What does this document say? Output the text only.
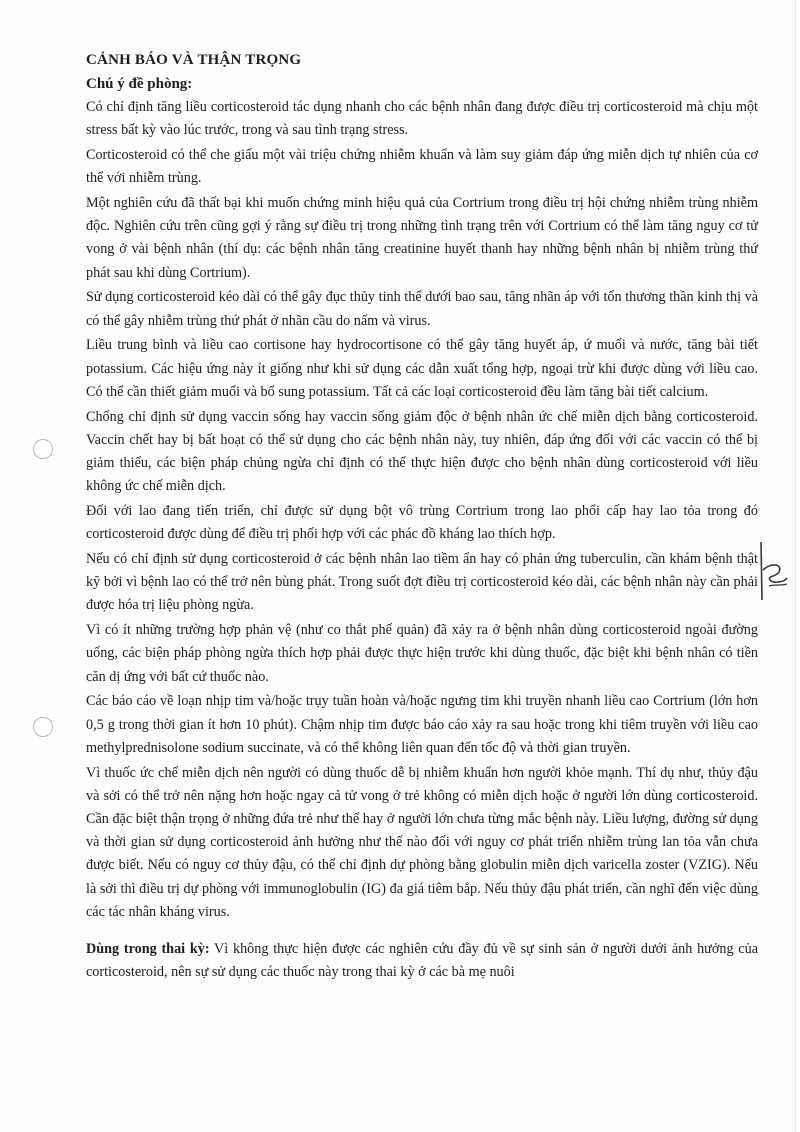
CẢNH BÁO VÀ THẬN TRỌNG

Chú ý đề phòng:

Có chỉ định tăng liều corticosteroid tác dụng nhanh cho các bệnh nhân đang được điều trị corticosteroid mà chịu một stress bất kỳ vào lúc trước, trong và sau tình trạng stress.

Corticosteroid có thể che giấu một vài triệu chứng nhiễm khuẩn và làm suy giảm đáp ứng miễn dịch tự nhiên của cơ thể với nhiễm trùng.

Một nghiên cứu đã thất bại khi muốn chứng minh hiệu quả của Cortrium trong điều trị hội chứng nhiễm trùng nhiễm độc. Nghiên cứu trên cũng gợi ý rằng sự điều trị trong những tình trạng trên với Cortrium có thể làm tăng nguy cơ tử vong ở vài bệnh nhân (thí dụ: các bệnh nhân tăng creatinine huyết thanh hay những bệnh nhân bị nhiễm trùng thứ phát sau khi dùng Cortrium).

Sử dụng corticosteroid kéo dài có thể gây đục thủy tinh thể dưới bao sau, tăng nhãn áp với tổn thương thần kinh thị và có thể gây nhiễm trùng thứ phát ở nhãn cầu do nấm và virus.

Liều trung bình và liều cao cortisone hay hydrocortisone có thể gây tăng huyết áp, ứ muối và nước, tăng bài tiết potassium. Các hiệu ứng này ít giống như khi sử dụng các dẫn xuất tổng hợp, ngoại trừ khi được dùng với liều cao. Có thể cần thiết giảm muối và bổ sung potassium. Tất cả các loại corticosteroid đều làm tăng bài tiết calcium.

Chống chỉ định sử dụng vaccin sống hay vaccin sống giảm độc ở bệnh nhân ức chế miễn dịch bằng corticosteroid. Vaccin chết hay bị bất hoạt có thể sử dụng cho các bệnh nhân này, tuy nhiên, đáp ứng đối với các vaccin có thể bị giảm thiểu, các biện pháp chủng ngừa chỉ định có thể thực hiện được cho bệnh nhân dùng corticosteroid với liều không ức chế miễn dịch.

Đối với lao đang tiến triển, chỉ được sử dụng bột vô trùng Cortrium trong lao phổi cấp hay lao tỏa trong đó corticosteroid được dùng để điều trị phối hợp với các phác đồ kháng lao thích hợp.

Nếu có chỉ định sử dụng corticosteroid ở các bệnh nhân lao tiềm ẩn hay có phản ứng tuberculin, cần khám bệnh thật kỹ bởi vì bệnh lao có thể trở nên bùng phát. Trong suốt đợt điều trị corticosteroid kéo dài, các bệnh nhân này cần phải được hóa trị liệu phòng ngừa.

Vì có ít những trường hợp phản vệ (như co thắt phế quản) đã xảy ra ở bệnh nhân dùng corticosteroid ngoài đường uống, các biện pháp phòng ngừa thích hợp phải được thực hiện trước khi dùng thuốc, đặc biệt khi bệnh nhân có tiền căn dị ứng với bất cứ thuốc nào.

Các báo cáo về loạn nhịp tim và/hoặc trụy tuần hoàn và/hoặc ngưng tim khi truyền nhanh liều cao Cortrium (lớn hơn 0,5 g trong thời gian ít hơn 10 phút). Chậm nhịp tim được báo cáo xảy ra sau hoặc trong khi tiêm truyền với liều cao methylprednisolone sodium succinate, và có thể không liên quan đến tốc độ và thời gian truyền.

Vì thuốc ức chế miễn dịch nên người có dùng thuốc dễ bị nhiễm khuẩn hơn người khỏe mạnh. Thí dụ như, thủy đậu và sởi có thể trở nên nặng hơn hoặc ngay cả tử vong ở trẻ không có miễn dịch hoặc ở người lớn dùng corticosteroid. Cần đặc biệt thận trọng ở những đứa trẻ như thế hay ở người lớn chưa từng mắc bệnh này. Liều lượng, đường sử dụng và thời gian sử dụng corticosteroid ảnh hưởng như thế nào đối với nguy cơ phát triển nhiễm trùng lan tỏa vẫn chưa được biết. Nếu có nguy cơ thủy đậu, có thể chỉ định dự phòng bằng globulin miễn dịch varicella zoster (VZIG). Nếu là sởi thì điều trị dự phòng với immunoglobulin (IG) đa giá tiêm bắp. Nếu thủy đậu phát triển, cần nghĩ đến việc dùng các tác nhân kháng virus.

Dùng trong thai kỳ: Vì không thực hiện được các nghiên cứu đầy đủ về sự sinh sản ở người dưới ảnh hưởng của corticosteroid, nên sự sử dụng các thuốc này trong thai kỳ ở các bà mẹ nuôi
